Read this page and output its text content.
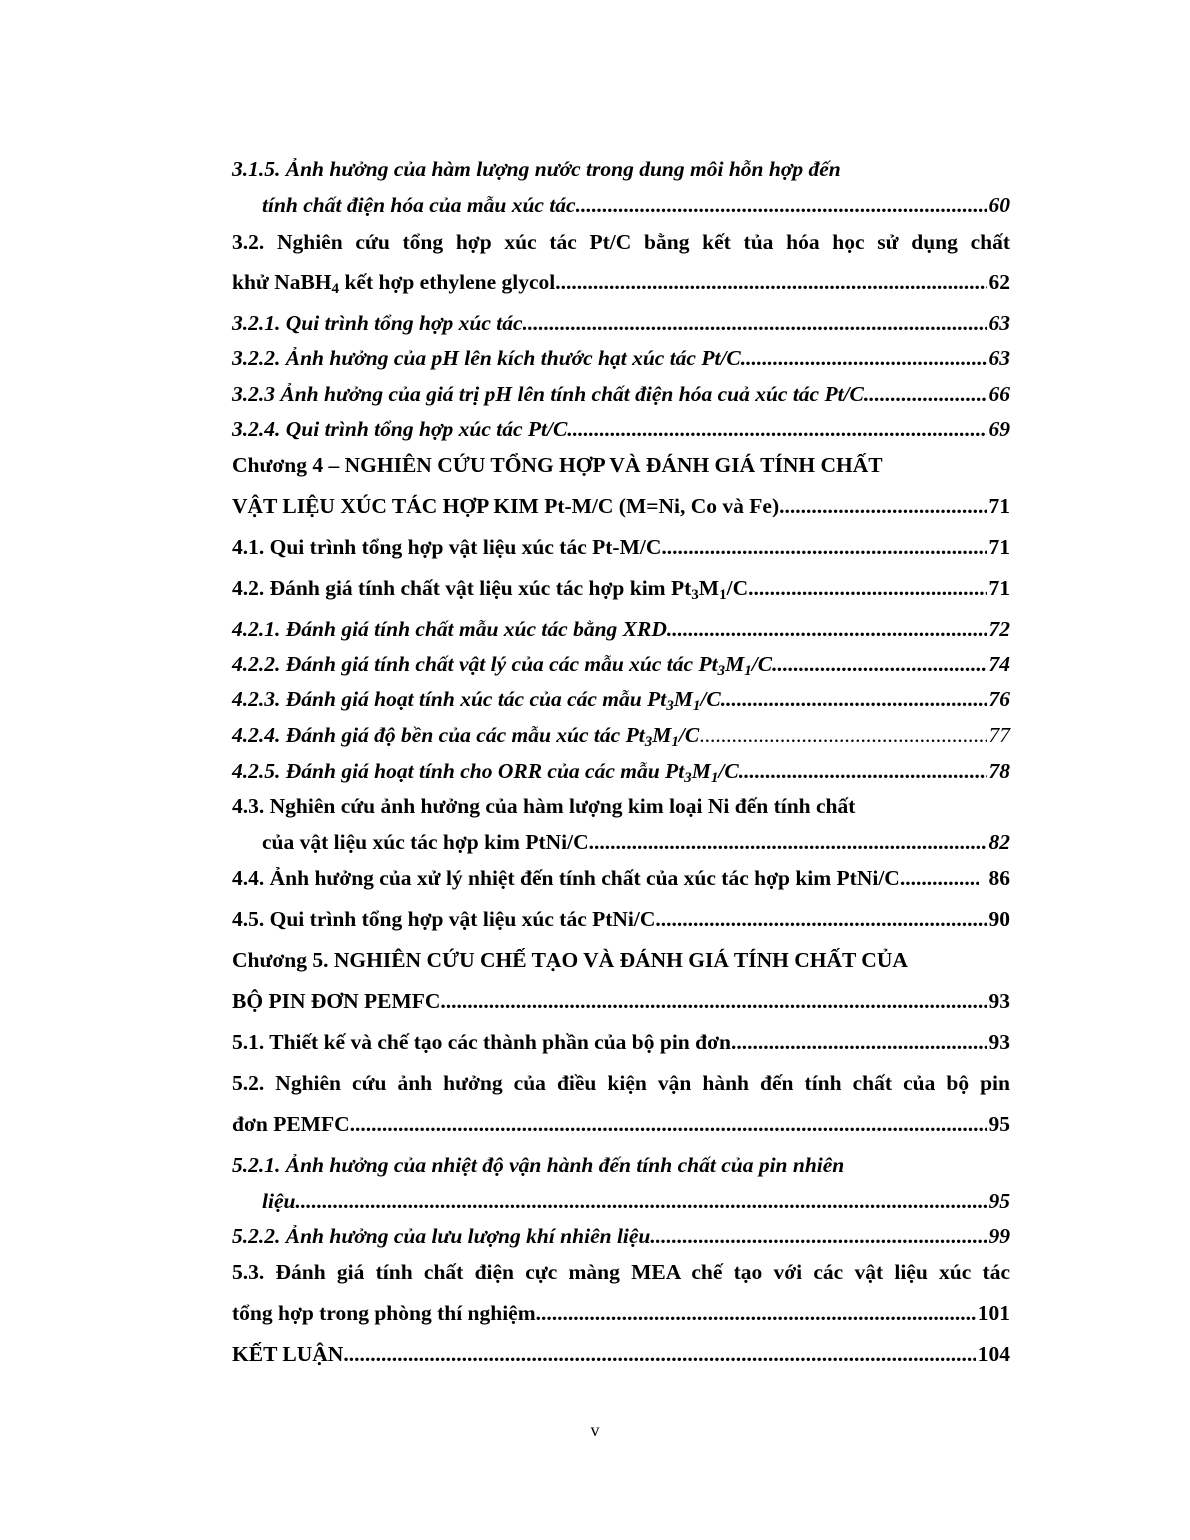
3.1.5. Ảnh hưởng của hàm lượng nước trong dung môi hỗn hợp đến
tính chất điện hóa của mẫu xúc tác .....	60
3.2. Nghiên cứu tổng hợp xúc tác Pt/C bằng kết tủa hóa học sử dụng chất
khử NaBH$_4$ kết hợp ethylene glycol .....	62
3.2.1. Qui trình tổng hợp xúc tác .....	63
3.2.2. Ảnh hưởng của pH lên kích thước hạt xúc tác Pt/C .....	63
3.2.3 Ảnh hưởng của giá trị pH lên tính chất điện hóa cuả xúc tác Pt/C .....	66
3.2.4. Qui trình tổng hợp xúc tác Pt/C .....	69
Chương 4 – NGHIÊN CỨU TỔNG HỢP VÀ ĐÁNH GIÁ TÍNH CHẤT
VẬT LIỆU XÚC TÁC HỢP KIM Pt-M/C (M=Ni, Co và Fe) .....	71
4.1. Qui trình tổng hợp vật liệu xúc tác Pt-M/C .....	71
4.2. Đánh giá tính chất vật liệu xúc tác hợp kim $Pt_3M_1/C$ .....	71
4.2.1. Đánh giá tính chất mẫu xúc tác bằng XRD .....	72
4.2.2. Đánh giá tính chất vật lý của các mẫu xúc tác $Pt_3M_1/C$ .....	74
4.2.3. Đánh giá hoạt tính xúc tác của các mẫu $Pt_3M_1/C$ .....	76
4.2.4. Đánh giá độ bền của các mẫu xúc tác $Pt_3M_1/C$ .....	77
4.2.5. Đánh giá hoạt tính cho ORR của các mẫu $Pt_3M_1/C$ .....	78
4.3. Nghiên cứu ảnh hưởng của hàm lượng kim loại Ni đến tính chất
của vật liệu xúc tác hợp kim PtNi/C .....	82
4.4. Ảnh hưởng của xử lý nhiệt đến tính chất của xúc tác hợp kim PtNi/C. .....	86
4.5. Qui trình tổng hợp vật liệu xúc tác PtNi/C. .....	90
Chương 5. NGHIÊN CỨU CHẾ TẠO VÀ ĐÁNH GIÁ TÍNH CHẤT CỦA
BỘ PIN ĐƠN PEMFC .....	93
5.1. Thiết kế và chế tạo các thành phần của bộ pin đơn .....	93
5.2. Nghiên cứu ảnh hưởng của điều kiện vận hành đến tính chất của bộ pin
đơn PEMFC .....	95
5.2.1. Ảnh hưởng của nhiệt độ vận hành đến tính chất của pin nhiên
liệu .....	95
5.2.2. Ảnh hưởng của lưu lượng khí nhiên liệu .....	99
5.3. Đánh giá tính chất điện cực màng MEA chế tạo với các vật liệu xúc tác
tổng hợp trong phòng thí nghiệm .....	101
KẾT LUẬN .....	104
v
